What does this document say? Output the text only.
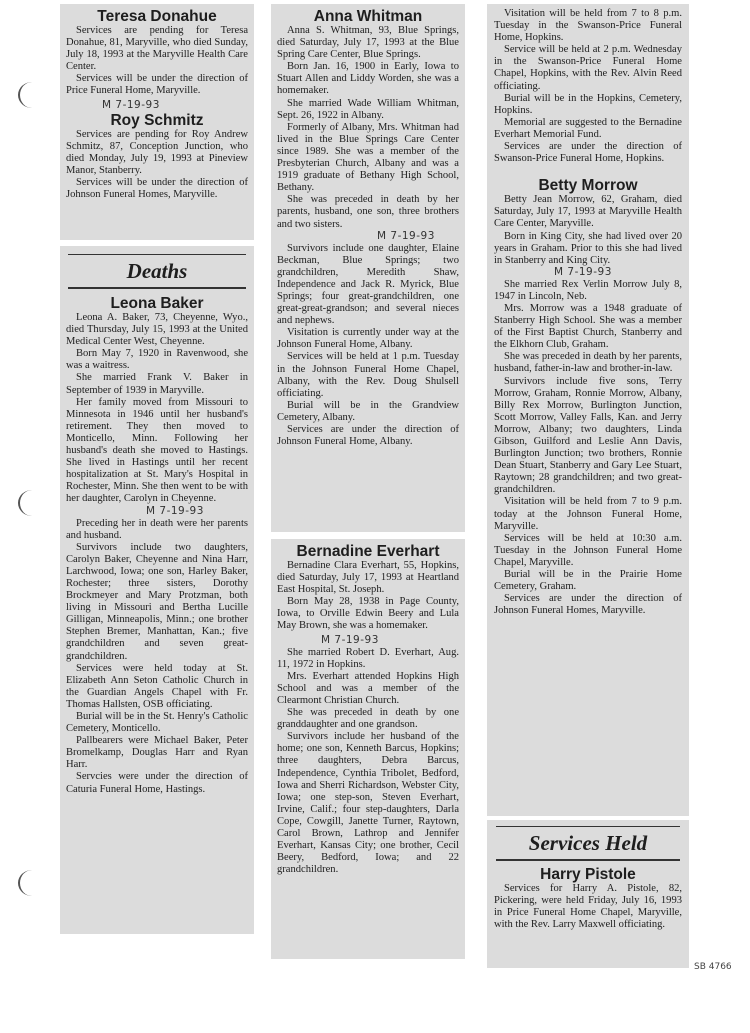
Teresa Donahue

Services are pending for Teresa Donahue, 81, Maryville, who died Sunday, July 18, 1993 at the Maryville Health Care Center.

Services will be under the direction of Price Funeral Home, Maryville.

M 7-19-93

Roy Schmitz

Services are pending for Roy Andrew Schmitz, 87, Conception Junction, who died Monday, July 19, 1993 at Pineview Manor, Stanberry.

Services will be under the direction of Johnson Funeral Homes, Maryville.

Deaths
Leona Baker

Leona A. Baker, 73, Cheyenne, Wyo., died Thursday, July 15, 1993 at the United Medical Center West, Cheyenne.

Born May 7, 1920 in Ravenwood, she was a waitress.

She married Frank V. Baker in September of 1939 in Maryville.

Her family moved from Missouri to Minnesota in 1946 until her husband's retirement. They then moved to Monticello, Minn. Following her husband's death she moved to Hastings. She lived in Hastings until her recent hospitalization at St. Mary's Hospital in Rochester, Minn. She then went to be with her daughter, Carolyn in Cheyenne.

M 7-19-93

Preceding her in death were her parents and husband.

Survivors include two daughters, Carolyn Baker, Cheyenne and Nina Harr, Larchwood, Iowa; one son, Harley Baker, Rochester; three sisters, Dorothy Brockmeyer and Mary Protzman, both living in Missouri and Bertha Lucille Gilligan, Minneapolis, Minn.; one brother Stephen Bremer, Manhattan, Kan.; five grandchildren and seven great-grandchildren.

Services were held today at St. Elizabeth Ann Seton Catholic Church in the Guardian Angels Chapel with Fr. Thomas Hallsten, OSB officiating.

Burial will be in the St. Henry's Catholic Cemetery, Monticello.

Pallbearers were Michael Baker, Peter Bromelkamp, Douglas Harr and Ryan Harr.

Servcies were under the direction of Caturia Funeral Home, Hastings.

Anna Whitman

Anna S. Whitman, 93, Blue Springs, died Saturday, July 17, 1993 at the Blue Spring Care Center, Blue Springs.

Born Jan. 16, 1900 in Early, Iowa to Stuart Allen and Liddy Worden, she was a homemaker.

She married Wade William Whitman, Sept. 26, 1922 in Albany.

Formerly of Albany, Mrs. Whitman had lived in the Blue Springs Care Center since 1989. She was a member of the Presbyterian Church, Albany and was a 1919 graduate of Bethany High School, Bethany.

She was preceded in death by her parents, husband, one son, three brothers and two sisters.

M 7-19-93

Survivors include one daughter, Elaine Beckman, Blue Springs; two grandchildren, Meredith Shaw, Independence and Jack R. Myrick, Blue Springs; four great-grandchildren, one great-great-grandson; and several nieces and nephews.

Visitation is currently under way at the Johnson Funeral Home, Albany.

Services will be held at 1 p.m. Tuesday in the Johnson Funeral Home Chapel, Albany, with the Rev. Doug Shulsell officiating.

Burial will be in the Grandview Cemetery, Albany.

Services are under the direction of Johnson Funeral Home, Albany.

Bernadine Everhart

Bernadine Clara Everhart, 55, Hopkins, died Saturday, July 17, 1993 at Heartland East Hospital, St. Joseph.

Born May 28, 1938 in Page County, Iowa, to Orville Edwin Beery and Lula May Brown, she was a homemaker.

M 7-19-93

She married Robert D. Everhart, Aug. 11, 1972 in Hopkins.

Mrs. Everhart attended Hopkins High School and was a member of the Clearmont Christian Church.

She was preceded in death by one granddaughter and one grandson.

Survivors include her husband of the home; one son, Kenneth Barcus, Hopkins; three daughters, Debra Barcus, Independence, Cynthia Tribolet, Bedford, Iowa and Sherri Richardson, Webster City, Iowa; one step-son, Steven Everhart, Irvine, Calif.; four step-daughters, Darla Cope, Cowgill, Janette Turner, Raytown, Carol Brown, Lathrop and Jennifer Everhart, Kansas City; one brother, Cecil Beery, Bedford, Iowa; and 22 grandchildren.

Visitation will be held from 7 to 8 p.m. Tuesday in the Swanson-Price Funeral Home, Hopkins.

Service will be held at 2 p.m. Wednesday in the Swanson-Price Funeral Home Chapel, Hopkins, with the Rev. Alvin Reed officiating.

Burial will be in the Hopkins, Cemetery, Hopkins.

Memorial are suggested to the Bernadine Everhart Memorial Fund.

Services are under the direction of Swanson-Price Funeral Home, Hopkins.

Betty Morrow

Betty Jean Morrow, 62, Graham, died Saturday, July 17, 1993 at Maryville Health Care Center, Maryville.

Born in King City, she had lived over 20 years in Graham. Prior to this she had lived in Stanberry and King City.

M 7-19-93

She married Rex Verlin Morrow July 8, 1947 in Lincoln, Neb.

Mrs. Morrow was a 1948 graduate of Stanberry High School. She was a member of the First Baptist Church, Stanberry and the Elkhorn Club, Graham.

She was preceded in death by her parents, husband, father-in-law and brother-in-law.

Survivors include five sons, Terry Morrow, Graham, Ronnie Morrow, Albany, Billy Rex Morrow, Burlington Junction, Scott Morrow, Valley Falls, Kan. and Jerry Morrow, Albany; two daughters, Linda Gibson, Guilford and Leslie Ann Davis, Burlington Junction; two brothers, Ronnie Dean Stuart, Stanberry and Gary Lee Stuart, Raytown; 28 grandchildren; and two great-grandchildren.

Visitation will be held from 7 to 9 p.m. today at the Johnson Funeral Home, Maryville.

Services will be held at 10:30 a.m. Tuesday in the Johnson Funeral Home Chapel, Maryville.

Burial will be in the Prairie Home Cemetery, Graham.

Services are under the direction of Johnson Funeral Homes, Maryville.

Services Held
Harry Pistole

Services for Harry A. Pistole, 82, Pickering, were held Friday, July 16, 1993 in Price Funeral Home Chapel, Maryville, with the Rev. Larry Maxwell officiating.

SB 4766
